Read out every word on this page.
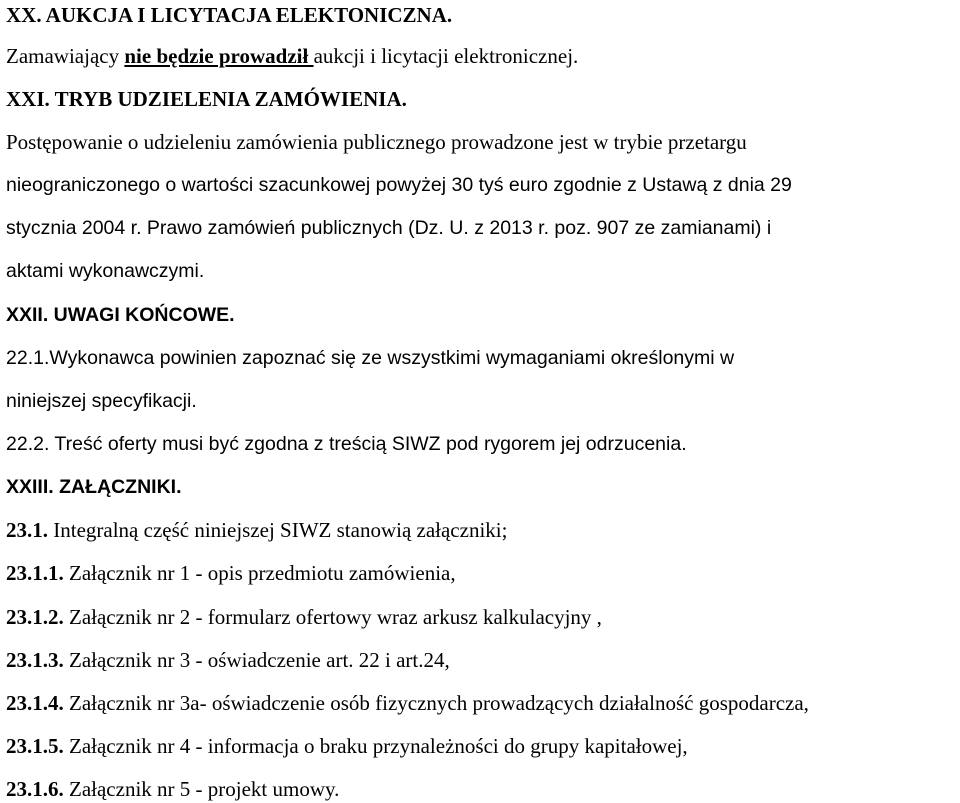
XX. AUKCJA I LICYTACJA ELEKTONICZNA.
Zamawiający nie będzie prowadził aukcji i licytacji elektronicznej.
XXI. TRYB UDZIELENIA ZAMÓWIENIA.
Postępowanie o udzieleniu zamówienia publicznego prowadzone jest w trybie przetargu
nieograniczonego o wartości szacunkowej powyżej 30 tyś euro zgodnie z Ustawą z dnia 29
stycznia 2004 r. Prawo zamówień publicznych (Dz. U. z 2013 r. poz. 907 ze zamianami) i
aktami wykonawczymi.
XXII. UWAGI KOŃCOWE.
22.1.Wykonawca powinien zapoznać się ze wszystkimi wymaganiami określonymi w
niniejszej specyfikacji.
22.2. Treść oferty musi być zgodna z treścią SIWZ pod rygorem jej odrzucenia.
XXIII. ZAŁĄCZNIKI.
23.1. Integralną część niniejszej SIWZ stanowią załączniki;
23.1.1. Załącznik nr 1 - opis przedmiotu zamówienia,
23.1.2. Załącznik nr 2 - formularz ofertowy wraz arkusz kalkulacyjny ,
23.1.3. Załącznik nr 3 - oświadczenie art. 22 i art.24,
23.1.4. Załącznik nr 3a- oświadczenie osób fizycznych prowadzących działalność gospodarcza,
23.1.5. Załącznik nr 4 - informacja o braku przynależności do grupy kapitałowej,
23.1.6. Załącznik nr 5 - projekt umowy.
